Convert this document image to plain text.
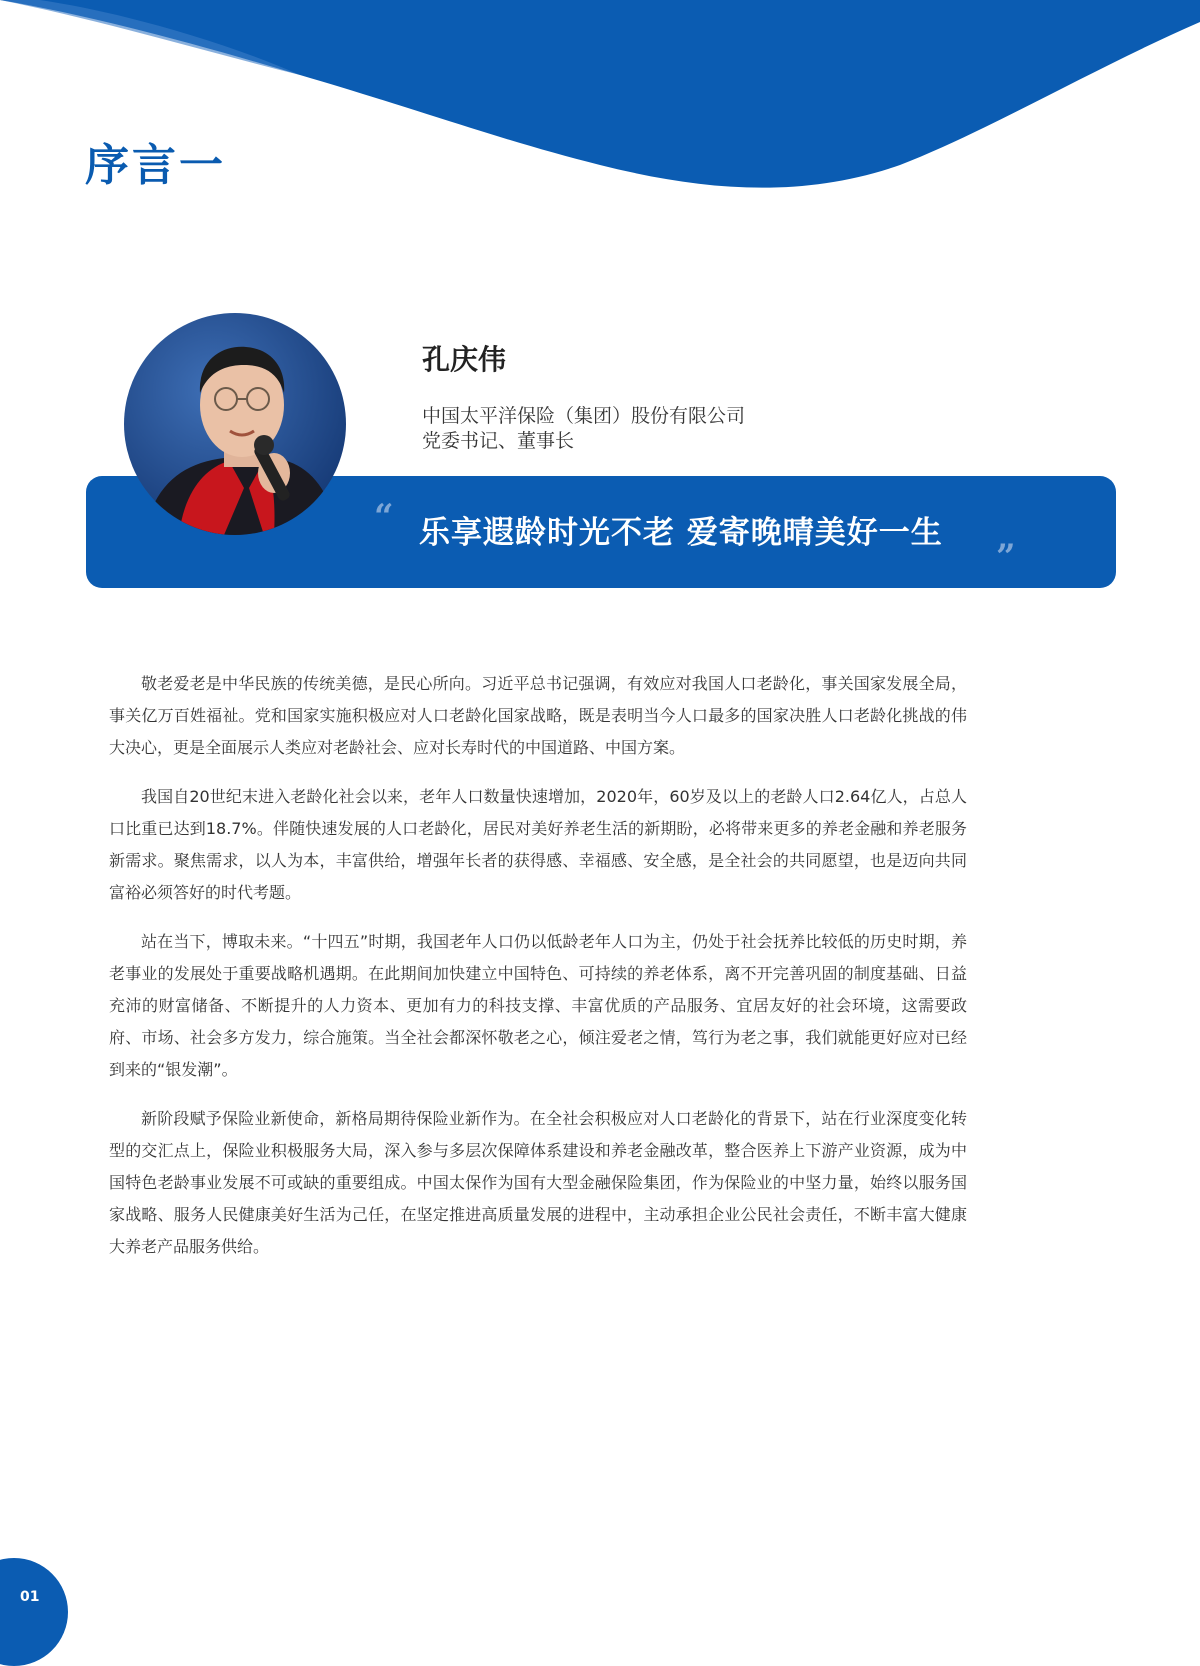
序言一
“ 乐享遐龄时光不老 爱寄晚晴美好一生

”
孔庆伟

中国太平洋保险（集团）股份有限公司

党委书记、董事长

敬老爱老是中华民族的传统美德，是民心所向。习近平总书记强调，有效应对我国人口老龄化，事关国家发展全局，事关亿万百姓福祉。党和国家实施积极应对人口老龄化国家战略，既是表明当今人口最多的国家决胜人口老龄化挑战的伟大决心，更是全面展示人类应对老龄社会、应对长寿时代的中国道路、中国方案。

我国自20世纪末进入老龄化社会以来，老年人口数量快速增加，2020年，60岁及以上的老龄人口2.64亿人，占总人口比重已达到18.7%。伴随快速发展的人口老龄化，居民对美好养老生活的新期盼，必将带来更多的养老金融和养老服务新需求。聚焦需求，以人为本，丰富供给，增强年长者的获得感、幸福感、安全感，是全社会的共同愿望，也是迈向共同富裕必须答好的时代考题。

站在当下，博取未来。“十四五”时期，我国老年人口仍以低龄老年人口为主，仍处于社会抚养比较低的历史时期，养老事业的发展处于重要战略机遇期。在此期间加快建立中国特色、可持续的养老体系，离不开完善巩固的制度基础、日益充沛的财富储备、不断提升的人力资本、更加有力的科技支撑、丰富优质的产品服务、宜居友好的社会环境，这需要政府、市场、社会多方发力，综合施策。当全社会都深怀敬老之心，倾注爱老之情，笃行为老之事，我们就能更好应对已经到来的“银发潮”。

新阶段赋予保险业新使命，新格局期待保险业新作为。在全社会积极应对人口老龄化的背景下，站在行业深度变化转型的交汇点上，保险业积极服务大局，深入参与多层次保障体系建设和养老金融改革，整合医养上下游产业资源，成为中国特色老龄事业发展不可或缺的重要组成。中国太保作为国有大型金融保险集团，作为保险业的中坚力量，始终以服务国家战略、服务人民健康美好生活为己任，在坚定推进高质量发展的进程中，主动承担企业公民社会责任，不断丰富大健康大养老产品服务供给。

01
